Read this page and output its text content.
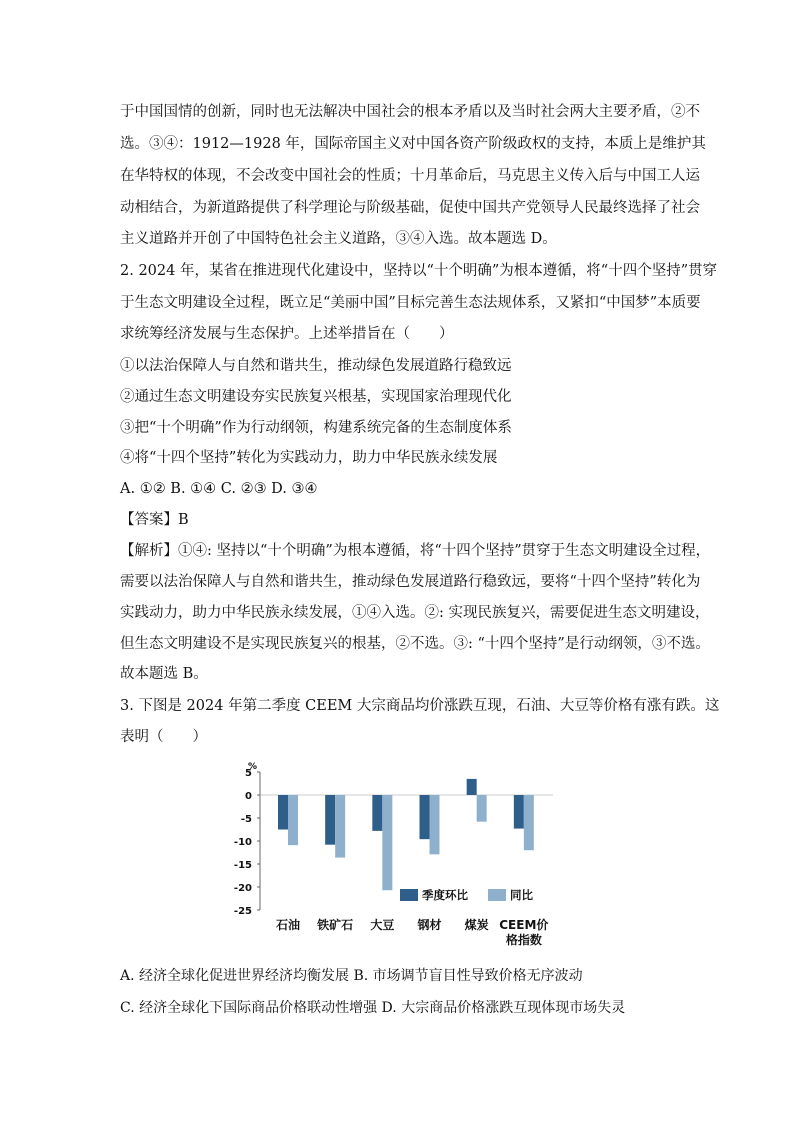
于中国国情的创新，同时也无法解决中国社会的根本矛盾以及当时社会两大主要矛盾，②不
选。③④：1912—1928 年，国际帝国主义对中国各资产阶级政权的支持，本质上是维护其
在华特权的体现，不会改变中国社会的性质；十月革命后，马克思主义传入后与中国工人运
动相结合，为新道路提供了科学理论与阶级基础，促使中国共产党领导人民最终选择了社会
主义道路并开创了中国特色社会主义道路，③④入选。故本题选 D。
2. 2024 年，某省在推进现代化建设中，坚持以“十个明确”为根本遵循，将“十四个坚持”贯穿
于生态文明建设全过程，既立足“美丽中国”目标完善生态法规体系，又紧扣“中国梦”本质要
求统筹经济发展与生态保护。上述举措旨在（　　）
①以法治保障人与自然和谐共生，推动绿色发展道路行稳致远
②通过生态文明建设夯实民族复兴根基，实现国家治理现代化
③把“十个明确”作为行动纲领，构建系统完备的生态制度体系
④将“十四个坚持”转化为实践动力，助力中华民族永续发展
A. ①② B. ①④ C. ②③ D. ③④
【答案】B
【解析】①④: 坚持以“十个明确”为根本遵循，将“十四个坚持”贯穿于生态文明建设全过程，
需要以法治保障人与自然和谐共生，推动绿色发展道路行稳致远，要将“十四个坚持”转化为
实践动力，助力中华民族永续发展，①④入选。②: 实现民族复兴，需要促进生态文明建设，
但生态文明建设不是实现民族复兴的根基，②不选。③: “十四个坚持”是行动纲领，③不选。
故本题选 B。
3. 下图是 2024 年第二季度 CEEM 大宗商品均价涨跌互现，石油、大豆等价格有涨有跌。这
表明（　　）
A. 经济全球化促进世界经济均衡发展 B. 市场调节盲目性导致价格无序波动
C. 经济全球化下国际商品价格联动性增强 D. 大宗商品价格涨跌互现体现市场失灵
%
5
0
-5
-10
-15
-20
-25
石油 铁矿石 大豆 钢材 煤炭 CEEM价
格指数
季度环比	同比
